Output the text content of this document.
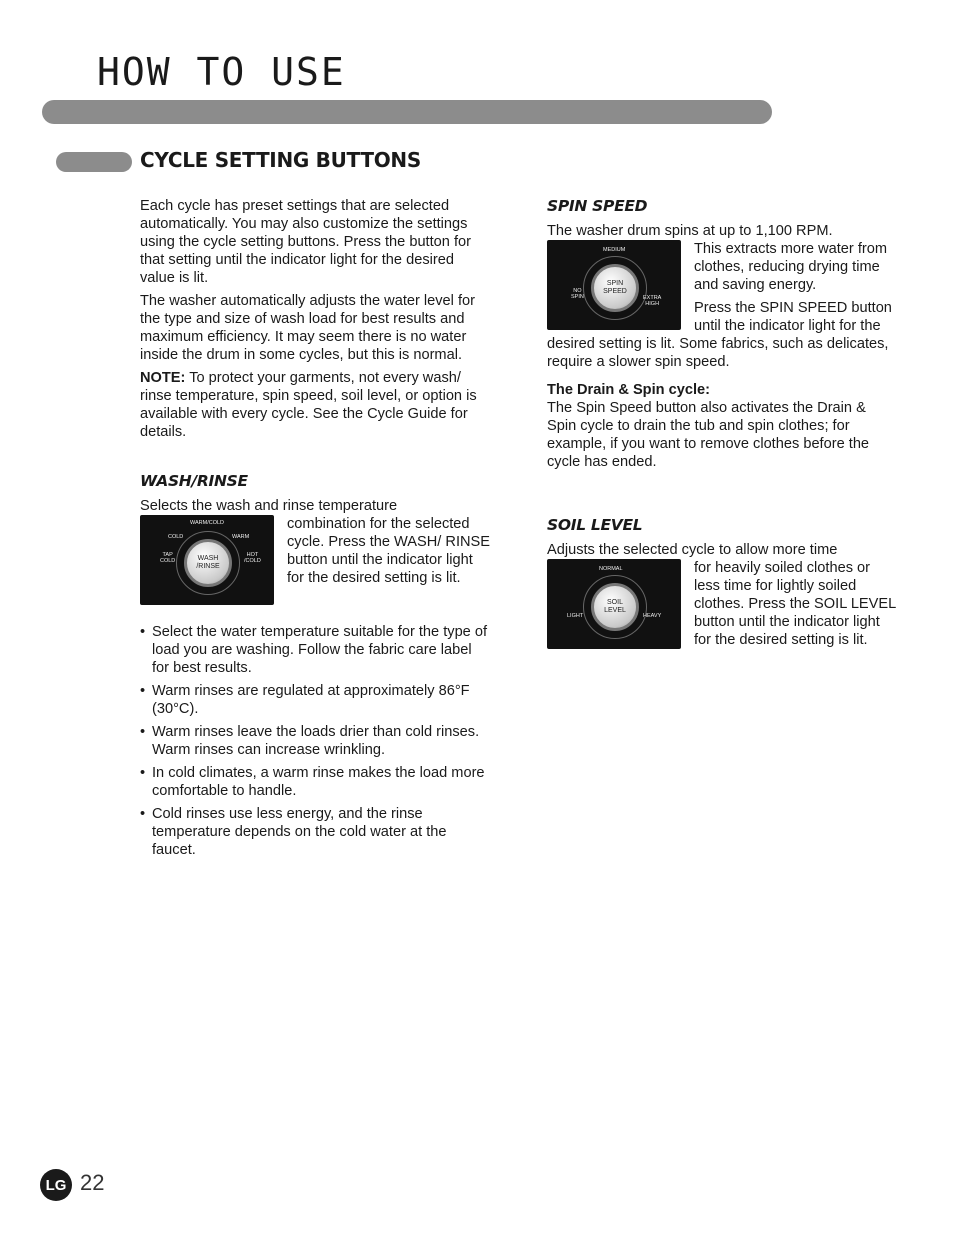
HOW TO USE
CYCLE SETTING BUTTONS

Each cycle has preset settings that are selected automatically. You may also customize the settings using the cycle setting buttons. Press the button for that setting until the indicator light for the desired value is lit.

The washer automatically adjusts the water level for the type and size of wash load for best results and maximum efficiency. It may seem there is no water inside the drum in some cycles, but this is normal.

NOTE: To protect your garments, not every wash/ rinse temperature, spin speed, soil level, or option is available with every cycle. See the Cycle Guide for details.

WASH/RINSE

Selects the wash and rinse temperature

WARM/COLD
COLD	WARM
TAP
COLD
HOT
/COLD
WASH
/RINSE

combination for the selected cycle. Press the WASH/ RINSE button until the indicator light for the desired setting is lit.

• Select the water temperature suitable for the type of load you are washing. Follow the fabric care label for best results.
• Warm rinses are regulated at approximately 86°F (30°C).
• Warm rinses leave the loads drier than cold rinses. Warm rinses can increase wrinkling.
• In cold climates, a warm rinse makes the load more comfortable to handle.
• Cold rinses use less energy, and the rinse temperature depends on the cold water at the faucet.
SPIN SPEED

The washer drum spins at up to 1,100 RPM.

MEDIUM
NO
SPIN	EXTRA
HIGH
SPIN
SPEED

This extracts more water from clothes, reducing drying time and saving energy.

Press the SPIN SPEED button until the indicator light for the desired setting is lit. Some fabrics, such as delicates, require a slower spin speed.

The Drain & Spin cycle:
The Spin Speed button also activates the Drain & Spin cycle to drain the tub and spin clothes; for example, if you want to remove clothes before the cycle has ended.

SOIL LEVEL

Adjusts the selected cycle to allow more time

NORMAL
LIGHT	HEAVY
SOIL
LEVEL

for heavily soiled clothes or less time for lightly soiled clothes. Press the SOIL LEVEL button until the indicator light for the desired setting is lit.

LG 22
